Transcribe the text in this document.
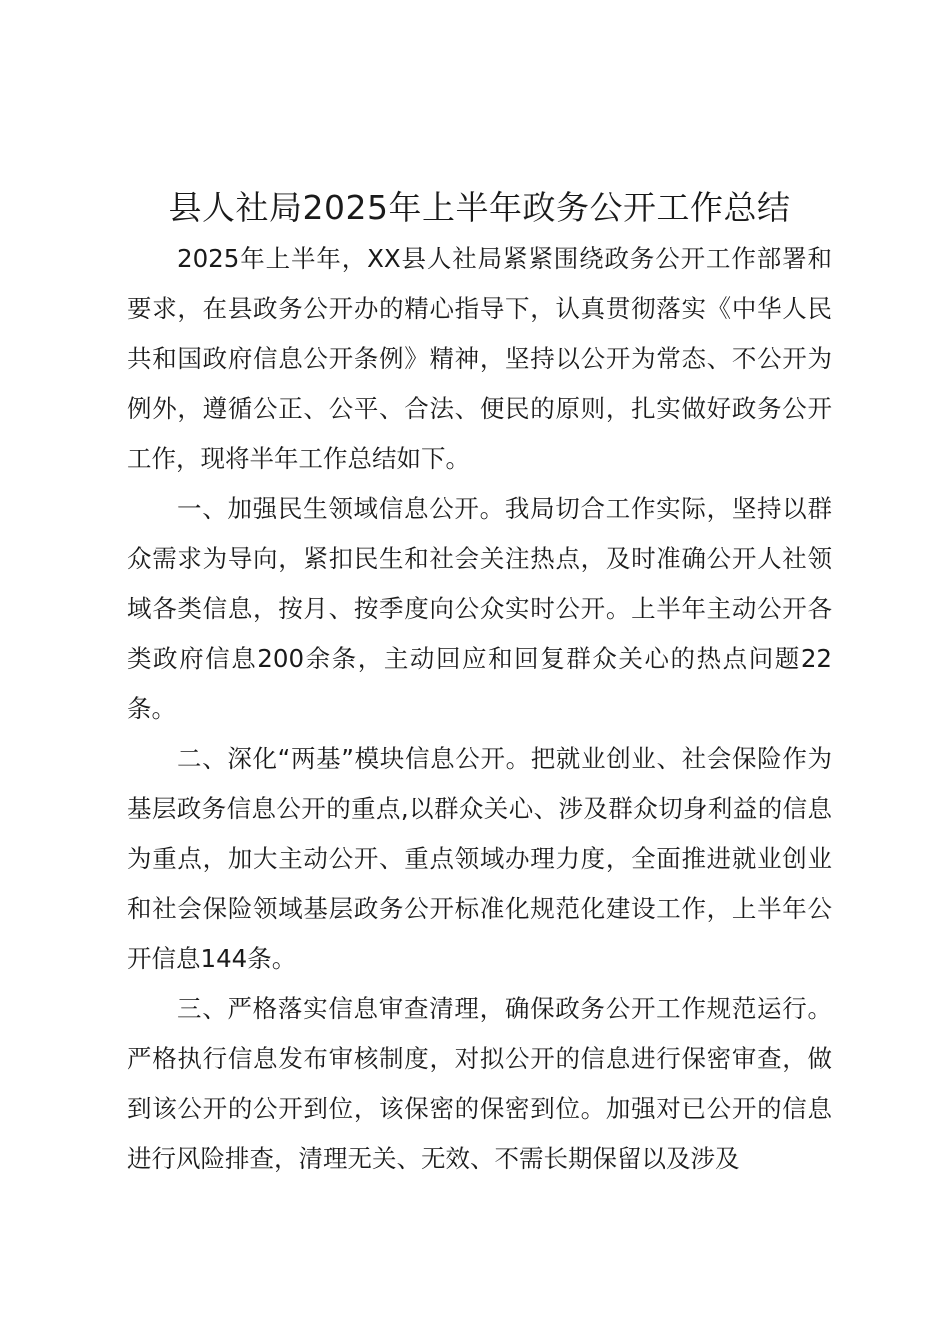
县人社局2025年上半年政务公开工作总结

2025年上半年，XX县人社局紧紧围绕政务公开工作部署和要求，在县政务公开办的精心指导下，认真贯彻落实《中华人民共和国政府信息公开条例》精神，坚持以公开为常态、不公开为例外，遵循公正、公平、合法、便民的原则，扎实做好政务公开工作，现将半年工作总结如下。

一、加强民生领域信息公开。我局切合工作实际，坚持以群众需求为导向，紧扣民生和社会关注热点，及时准确公开人社领域各类信息，按月、按季度向公众实时公开。上半年主动公开各类政府信息200余条，主动回应和回复群众关心的热点问题22条。

二、深化“两基”模块信息公开。把就业创业、社会保险作为基层政务信息公开的重点,以群众关心、涉及群众切身利益的信息为重点，加大主动公开、重点领域办理力度，全面推进就业创业和社会保险领域基层政务公开标准化规范化建设工作，上半年公开信息144条。

三、严格落实信息审查清理，确保政务公开工作规范运行。严格执行信息发布审核制度，对拟公开的信息进行保密审查，做到该公开的公开到位，该保密的保密到位。加强对已公开的信息进行风险排查，清理无关、无效、不需长期保留以及涉及
